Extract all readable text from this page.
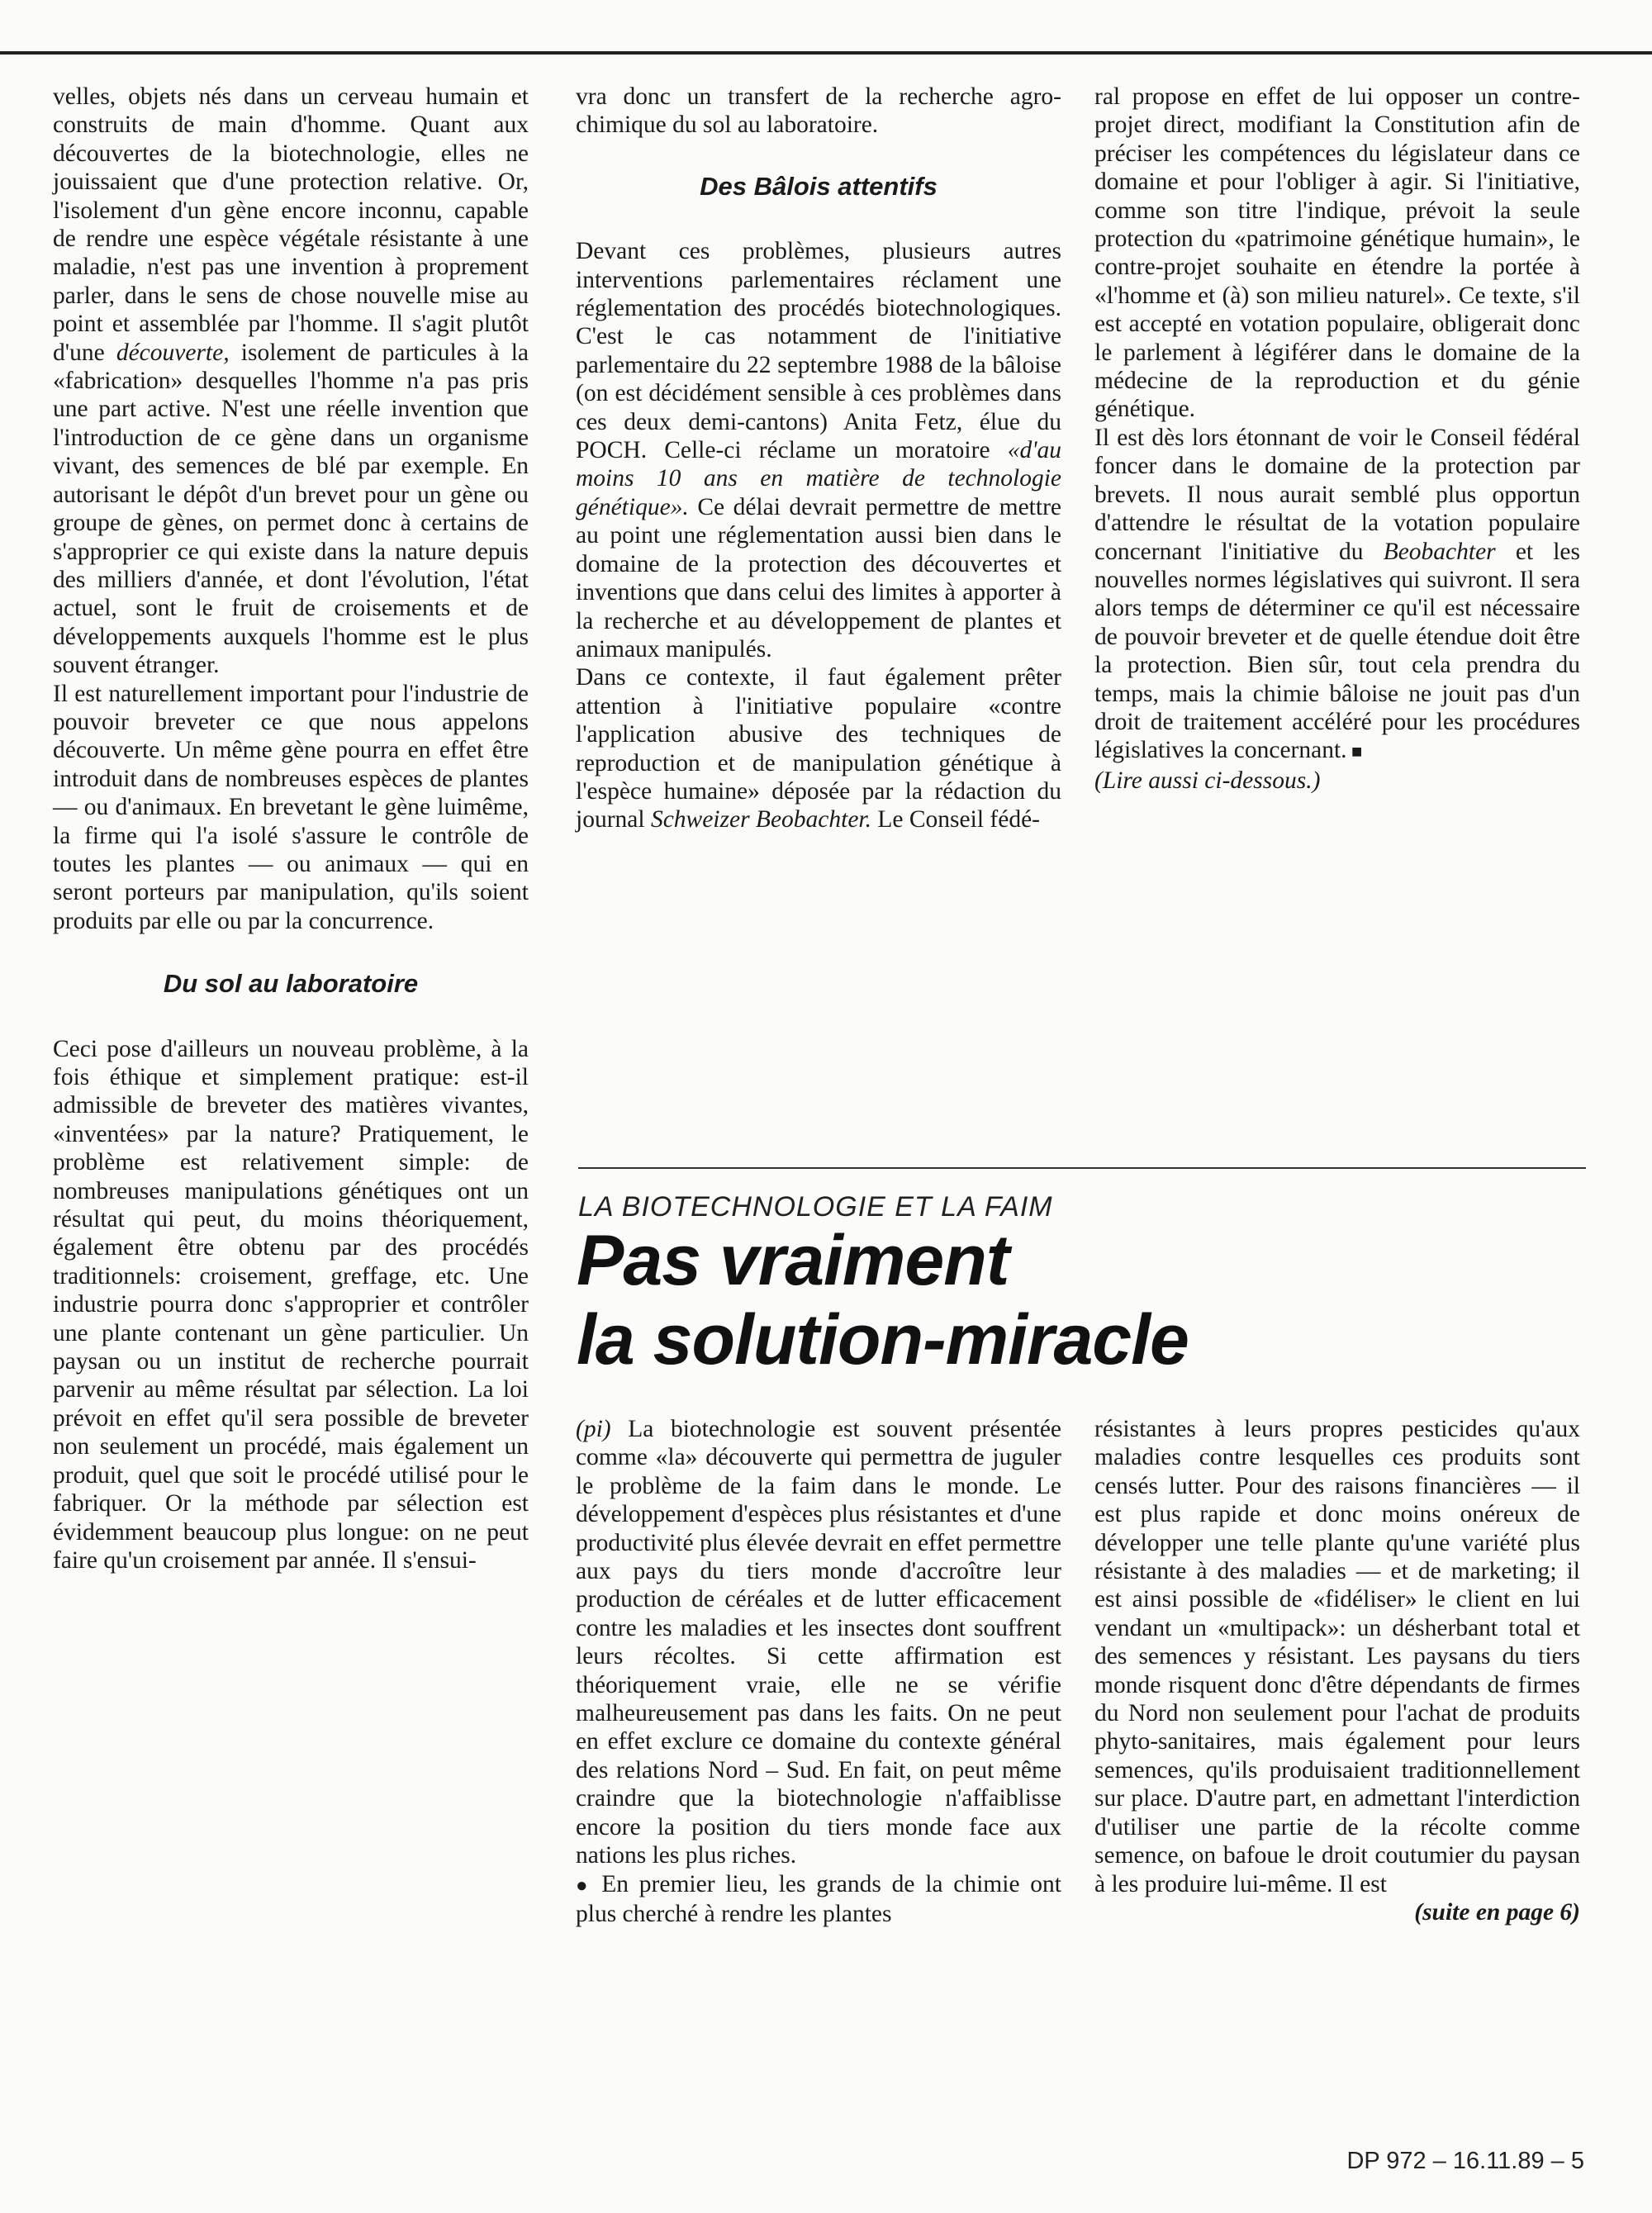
velles, objets nés dans un cerveau humain et construits de main d'homme. Quant aux découvertes de la biotechnologie, elles ne jouissaient que d'une protection relative. Or, l'isolement d'un gène encore inconnu, capable de rendre une espèce végétale résistante à une maladie, n'est pas une invention à proprement parler, dans le sens de chose nouvelle mise au point et assemblée par l'homme. Il s'agit plutôt d'une découverte, isolement de particules à la «fabrication» desquelles l'homme n'a pas pris une part active. N'est une réelle invention que l'introduction de ce gène dans un organisme vivant, des semences de blé par exemple. En autorisant le dépôt d'un brevet pour un gène ou groupe de gènes, on permet donc à certains de s'approprier ce qui existe dans la nature depuis des milliers d'année, et dont l'évolution, l'état actuel, sont le fruit de croisements et de développements auxquels l'homme est le plus souvent étranger.

Il est naturellement important pour l'industrie de pouvoir breveter ce que nous appelons découverte. Un même gène pourra en effet être introduit dans de nombreuses espèces de plantes — ou d'animaux. En brevetant le gène luimême, la firme qui l'a isolé s'assure le contrôle de toutes les plantes — ou animaux — qui en seront porteurs par manipulation, qu'ils soient produits par elle ou par la concurrence.

Du sol au laboratoire

Ceci pose d'ailleurs un nouveau problème, à la fois éthique et simplement pratique: est-il admissible de breveter des matières vivantes, «inventées» par la nature? Pratiquement, le problème est relativement simple: de nombreuses manipulations génétiques ont un résultat qui peut, du moins théoriquement, également être obtenu par des procédés traditionnels: croisement, greffage, etc. Une industrie pourra donc s'approprier et contrôler une plante contenant un gène particulier. Un paysan ou un institut de recherche pourrait parvenir au même résultat par sélection. La loi prévoit en effet qu'il sera possible de breveter non seulement un procédé, mais également un produit, quel que soit le procédé utilisé pour le fabriquer. Or la méthode par sélection est évidemment beaucoup plus longue: on ne peut faire qu'un croisement par année. Il s'ensui-

vra donc un transfert de la recherche agro-chimique du sol au laboratoire.

Des Bâlois attentifs

Devant ces problèmes, plusieurs autres interventions parlementaires réclament une réglementation des procédés biotechnologiques. C'est le cas notamment de l'initiative parlementaire du 22 septembre 1988 de la bâloise (on est décidément sensible à ces problèmes dans ces deux demi-cantons) Anita Fetz, élue du POCH. Celle-ci réclame un moratoire «d'au moins 10 ans en matière de technologie génétique». Ce délai devrait permettre de mettre au point une réglementation aussi bien dans le domaine de la protection des découvertes et inventions que dans celui des limites à apporter à la recherche et au développement de plantes et animaux manipulés.

Dans ce contexte, il faut également prêter attention à l'initiative populaire «contre l'application abusive des techniques de reproduction et de manipulation génétique à l'espèce humaine» déposée par la rédaction du journal Schweizer Beobachter. Le Conseil fédé-

ral propose en effet de lui opposer un contre-projet direct, modifiant la Constitution afin de préciser les compétences du législateur dans ce domaine et pour l'obliger à agir. Si l'initiative, comme son titre l'indique, prévoit la seule protection du «patrimoine génétique humain», le contre-projet souhaite en étendre la portée à «l'homme et (à) son milieu naturel». Ce texte, s'il est accepté en votation populaire, obligerait donc le parlement à légiférer dans le domaine de la médecine de la reproduction et du génie génétique.

Il est dès lors étonnant de voir le Conseil fédéral foncer dans le domaine de la protection par brevets. Il nous aurait semblé plus opportun d'attendre le résultat de la votation populaire concernant l'initiative du Beobachter et les nouvelles normes législatives qui suivront. Il sera alors temps de déterminer ce qu'il est nécessaire de pouvoir breveter et de quelle étendue doit être la protection. Bien sûr, tout cela prendra du temps, mais la chimie bâloise ne jouit pas d'un droit de traitement accéléré pour les procédures législatives la concernant. ■

(Lire aussi ci-dessous.)

LA BIOTECHNOLOGIE ET LA FAIM

Pas vraiment
la solution-miracle

(pi) La biotechnologie est souvent présentée comme «la» découverte qui permettra de juguler le problème de la faim dans le monde. Le développement d'espèces plus résistantes et d'une productivité plus élevée devrait en effet permettre aux pays du tiers monde d'accroître leur production de céréales et de lutter efficacement contre les maladies et les insectes dont souffrent leurs récoltes. Si cette affirmation est théoriquement vraie, elle ne se vérifie malheureusement pas dans les faits. On ne peut en effet exclure ce domaine du contexte général des relations Nord – Sud. En fait, on peut même craindre que la biotechnologie n'affaiblisse encore la position du tiers monde face aux nations les plus riches.

● En premier lieu, les grands de la chimie ont plus cherché à rendre les plantes

résistantes à leurs propres pesticides qu'aux maladies contre lesquelles ces produits sont censés lutter. Pour des raisons financières — il est plus rapide et donc moins onéreux de développer une telle plante qu'une variété plus résistante à des maladies — et de marketing; il est ainsi possible de «fidéliser» le client en lui vendant un «multipack»: un désherbant total et des semences y résistant. Les paysans du tiers monde risquent donc d'être dépendants de firmes du Nord non seulement pour l'achat de produits phyto-sanitaires, mais également pour leurs semences, qu'ils produisaient traditionnellement sur place. D'autre part, en admettant l'interdiction d'utiliser une partie de la récolte comme semence, on bafoue le droit coutumier du paysan à les produire lui-même. Il est

(suite en page 6)

DP 972 – 16.11.89 – 5
